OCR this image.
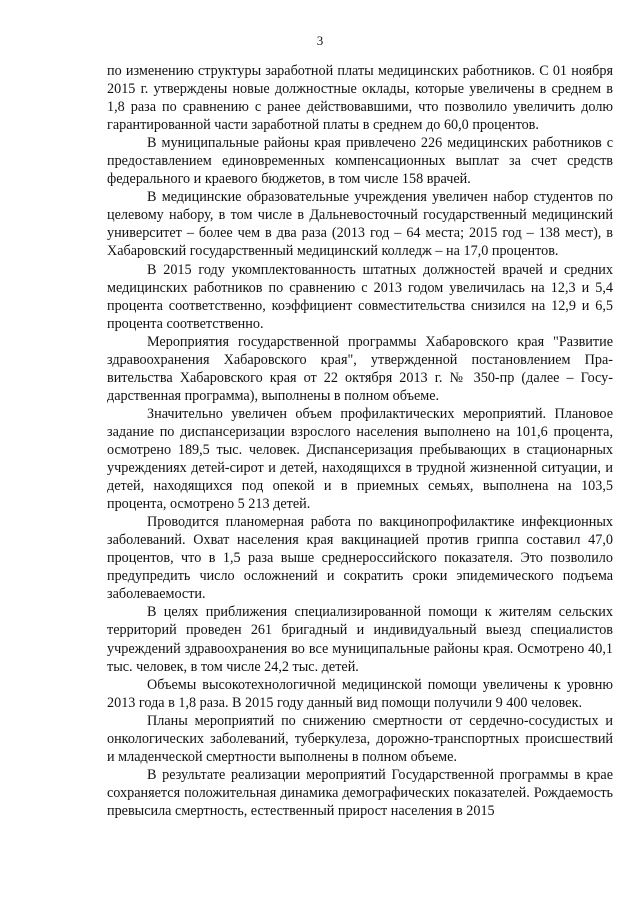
3

по изменению структуры заработной платы медицинских работников. С 01 ноября 2015 г. утверждены новые должностные оклады, которые увеличены в среднем в 1,8 раза по сравнению с ранее действовавшими, что позволило увеличить долю гарантированной части заработной платы в среднем до 60,0 процентов.

В муниципальные районы края привлечено 226 медицинских работников с предоставлением единовременных компенсационных выплат за счет средств федерального и краевого бюджетов, в том числе 158 врачей.

В медицинские образовательные учреждения увеличен набор студентов по целевому набору, в том числе в Дальневосточный государственный медицинский университет – более чем в два раза (2013 год – 64 места; 2015 год – 138 мест), в Хабаровский государственный медицинский колледж – на 17,0 процентов.

В 2015 году укомплектованность штатных должностей врачей и средних медицинских работников по сравнению с 2013 годом увеличилась на 12,3 и 5,4 процента соответственно, коэффициент совместительства снизился на 12,9 и 6,5 процента соответственно.

Мероприятия государственной программы Хабаровского края "Развитие здравоохранения Хабаровского края", утвержденной постановлением Правительства Хабаровского края от 22 октября 2013 г. № 350-пр (далее – Государственная программа), выполнены в полном объеме.

Значительно увеличен объем профилактических мероприятий. Плановое задание по диспансеризации взрослого населения выполнено на 101,6 процента, осмотрено 189,5 тыс. человек. Диспансеризация пребывающих в стационарных учреждениях детей-сирот и детей, находящихся в трудной жизненной ситуации, и детей, находящихся под опекой и в приемных семьях, выполнена на 103,5 процента, осмотрено 5 213 детей.

Проводится планомерная работа по вакцинопрофилактике инфекционных заболеваний. Охват населения края вакцинацией против гриппа составил 47,0 процентов, что в 1,5 раза выше среднероссийского показателя. Это позволило предупредить число осложнений и сократить сроки эпидемического подъема заболеваемости.

В целях приближения специализированной помощи к жителям сельских территорий проведен 261 бригадный и индивидуальный выезд специалистов учреждений здравоохранения во все муниципальные районы края. Осмотрено 40,1 тыс. человек, в том числе 24,2 тыс. детей.

Объемы высокотехнологичной медицинской помощи увеличены к уровню 2013 года в 1,8 раза. В 2015 году данный вид помощи получили 9 400 человек.

Планы мероприятий по снижению смертности от сердечно-сосудистых и онкологических заболеваний, туберкулеза, дорожно-транспортных происшествий и младенческой смертности выполнены в полном объеме.

В результате реализации мероприятий Государственной программы в крае сохраняется положительная динамика демографических показателей. Рождаемость превысила смертность, естественный прирост населения в 2015
